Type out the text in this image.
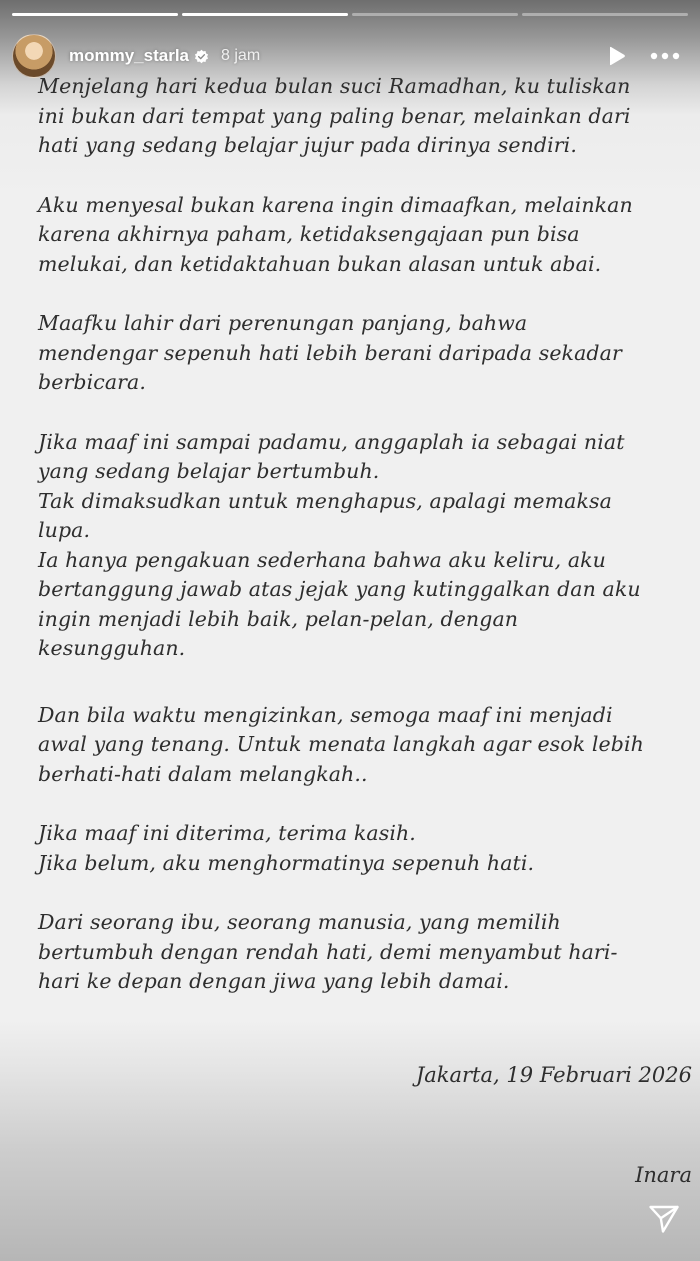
mommy_starla 8 jam

Menjelang hari kedua bulan suci Ramadhan, ku tuliskan
ini bukan dari tempat yang paling benar, melainkan dari
hati yang sedang belajar jujur pada dirinya sendiri.

Aku menyesal bukan karena ingin dimaafkan, melainkan
karena akhirnya paham, ketidaksengajaan pun bisa
melukai, dan ketidaktahuan bukan alasan untuk abai.

Maafku lahir dari perenungan panjang, bahwa
mendengar sepenuh hati lebih berani daripada sekadar
berbicara.

Jika maaf ini sampai padamu, anggaplah ia sebagai niat
yang sedang belajar bertumbuh.
Tak dimaksudkan untuk menghapus, apalagi memaksa
lupa.
Ia hanya pengakuan sederhana bahwa aku keliru, aku
bertanggung jawab atas jejak yang kutinggalkan dan aku
ingin menjadi lebih baik, pelan-pelan, dengan
kesungguhan.

Dan bila waktu mengizinkan, semoga maaf ini menjadi
awal yang tenang. Untuk menata langkah agar esok lebih
berhati-hati dalam melangkah..

Jika maaf ini diterima, terima kasih.
Jika belum, aku menghormatinya sepenuh hati.

Dari seorang ibu, seorang manusia, yang memilih
bertumbuh dengan rendah hati, demi menyambut hari-
hari ke depan dengan jiwa yang lebih damai.

Jakarta, 19 Februari 2026
Inara
